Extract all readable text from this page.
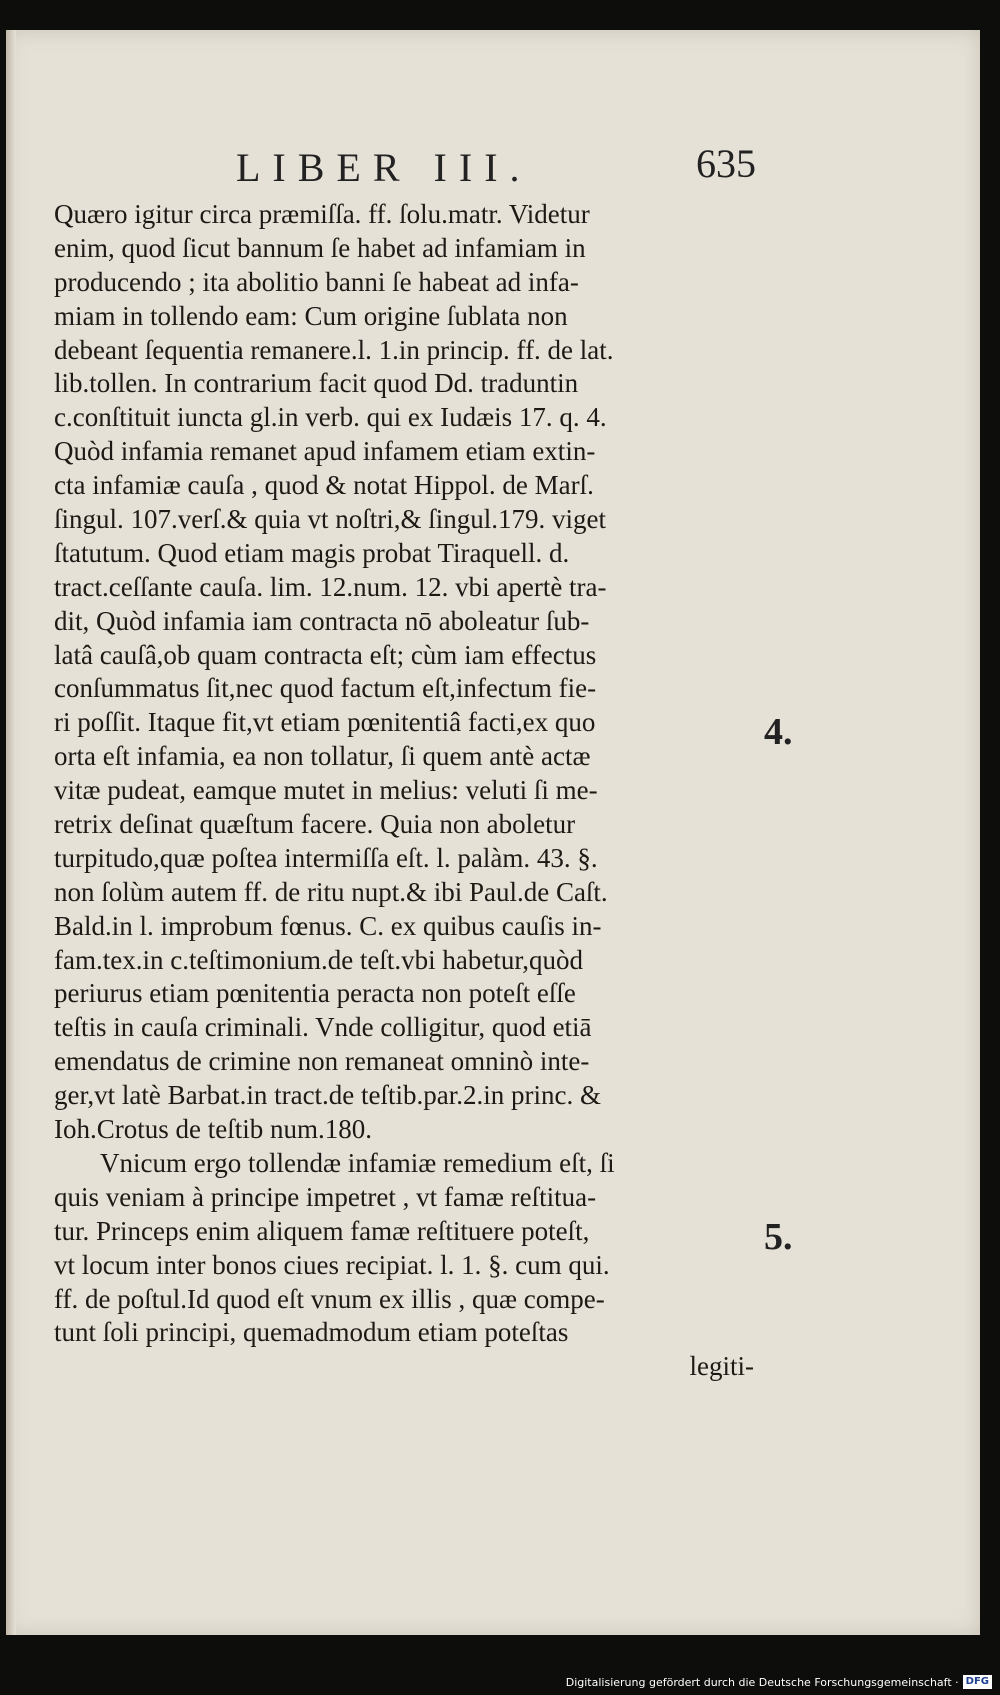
LIBER III.	635
Quæro igitur circa præmiſſa. ff. ſolu.matr. Videtur
enim, quod ſicut bannum ſe habet ad infamiam in
producendo ; ita abolitio banni ſe habeat ad infa-
miam in tollendo eam: Cum origine ſublata non
debeant ſequentia remanere.l. 1.in princip. ff. de lat.
lib.tollen. In contrarium facit quod Dd. traduntin
c.conſtituit iuncta gl.in verb. qui ex Iudæis 17. q. 4.
Quòd infamia remanet apud infamem etiam extin-
cta infamiæ cauſa , quod & notat Hippol. de Marſ.
ſingul. 107.verſ.& quia vt noſtri,& ſingul.179. viget
ſtatutum. Quod etiam magis probat Tiraquell. d.
tract.ceſſante cauſa. lim. 12.num. 12. vbi apertè tra-
dit, Quòd infamia iam contracta nō aboleatur ſub-
latâ cauſâ,ob quam contracta eſt; cùm iam effectus
conſummatus ſit,nec quod factum eſt,infectum fie-
ri poſſit. Itaque fit,vt etiam pœnitentiâ facti,ex quo
orta eſt infamia, ea non tollatur, ſi quem antè actæ
vitæ pudeat, eamque mutet in melius: veluti ſi me-
retrix deſinat quæſtum facere. Quia non aboletur
turpitudo,quæ poſtea intermiſſa eſt. l. palàm. 43. §.
non ſolùm autem ff. de ritu nupt.& ibi Paul.de Caſt.
Bald.in l. improbum fœnus. C. ex quibus cauſis in-
fam.tex.in c.teſtimonium.de teſt.vbi habetur,quòd
periurus etiam pœnitentia peracta non poteſt eſſe
teſtis in cauſa criminali. Vnde colligitur, quod etiā
emendatus de crimine non remaneat omninò inte-
ger,vt latè Barbat.in tract.de teſtib.par.2.in princ. &
Ioh.Crotus de teſtib num.180.
Vnicum ergo tollendæ infamiæ remedium eſt, ſi
quis veniam à principe impetret , vt famæ reſtitua-
tur. Princeps enim aliquem famæ reſtituere poteſt,
vt locum inter bonos ciues recipiat. l. 1. §. cum qui.
ff. de poſtul.Id quod eſt vnum ex illis , quæ compe-
tunt ſoli principi, quemadmodum etiam poteſtas
legiti-
4.
5.
Digitalisierung gefördert durch die Deutsche Forschungsgemeinschaft · DFG
